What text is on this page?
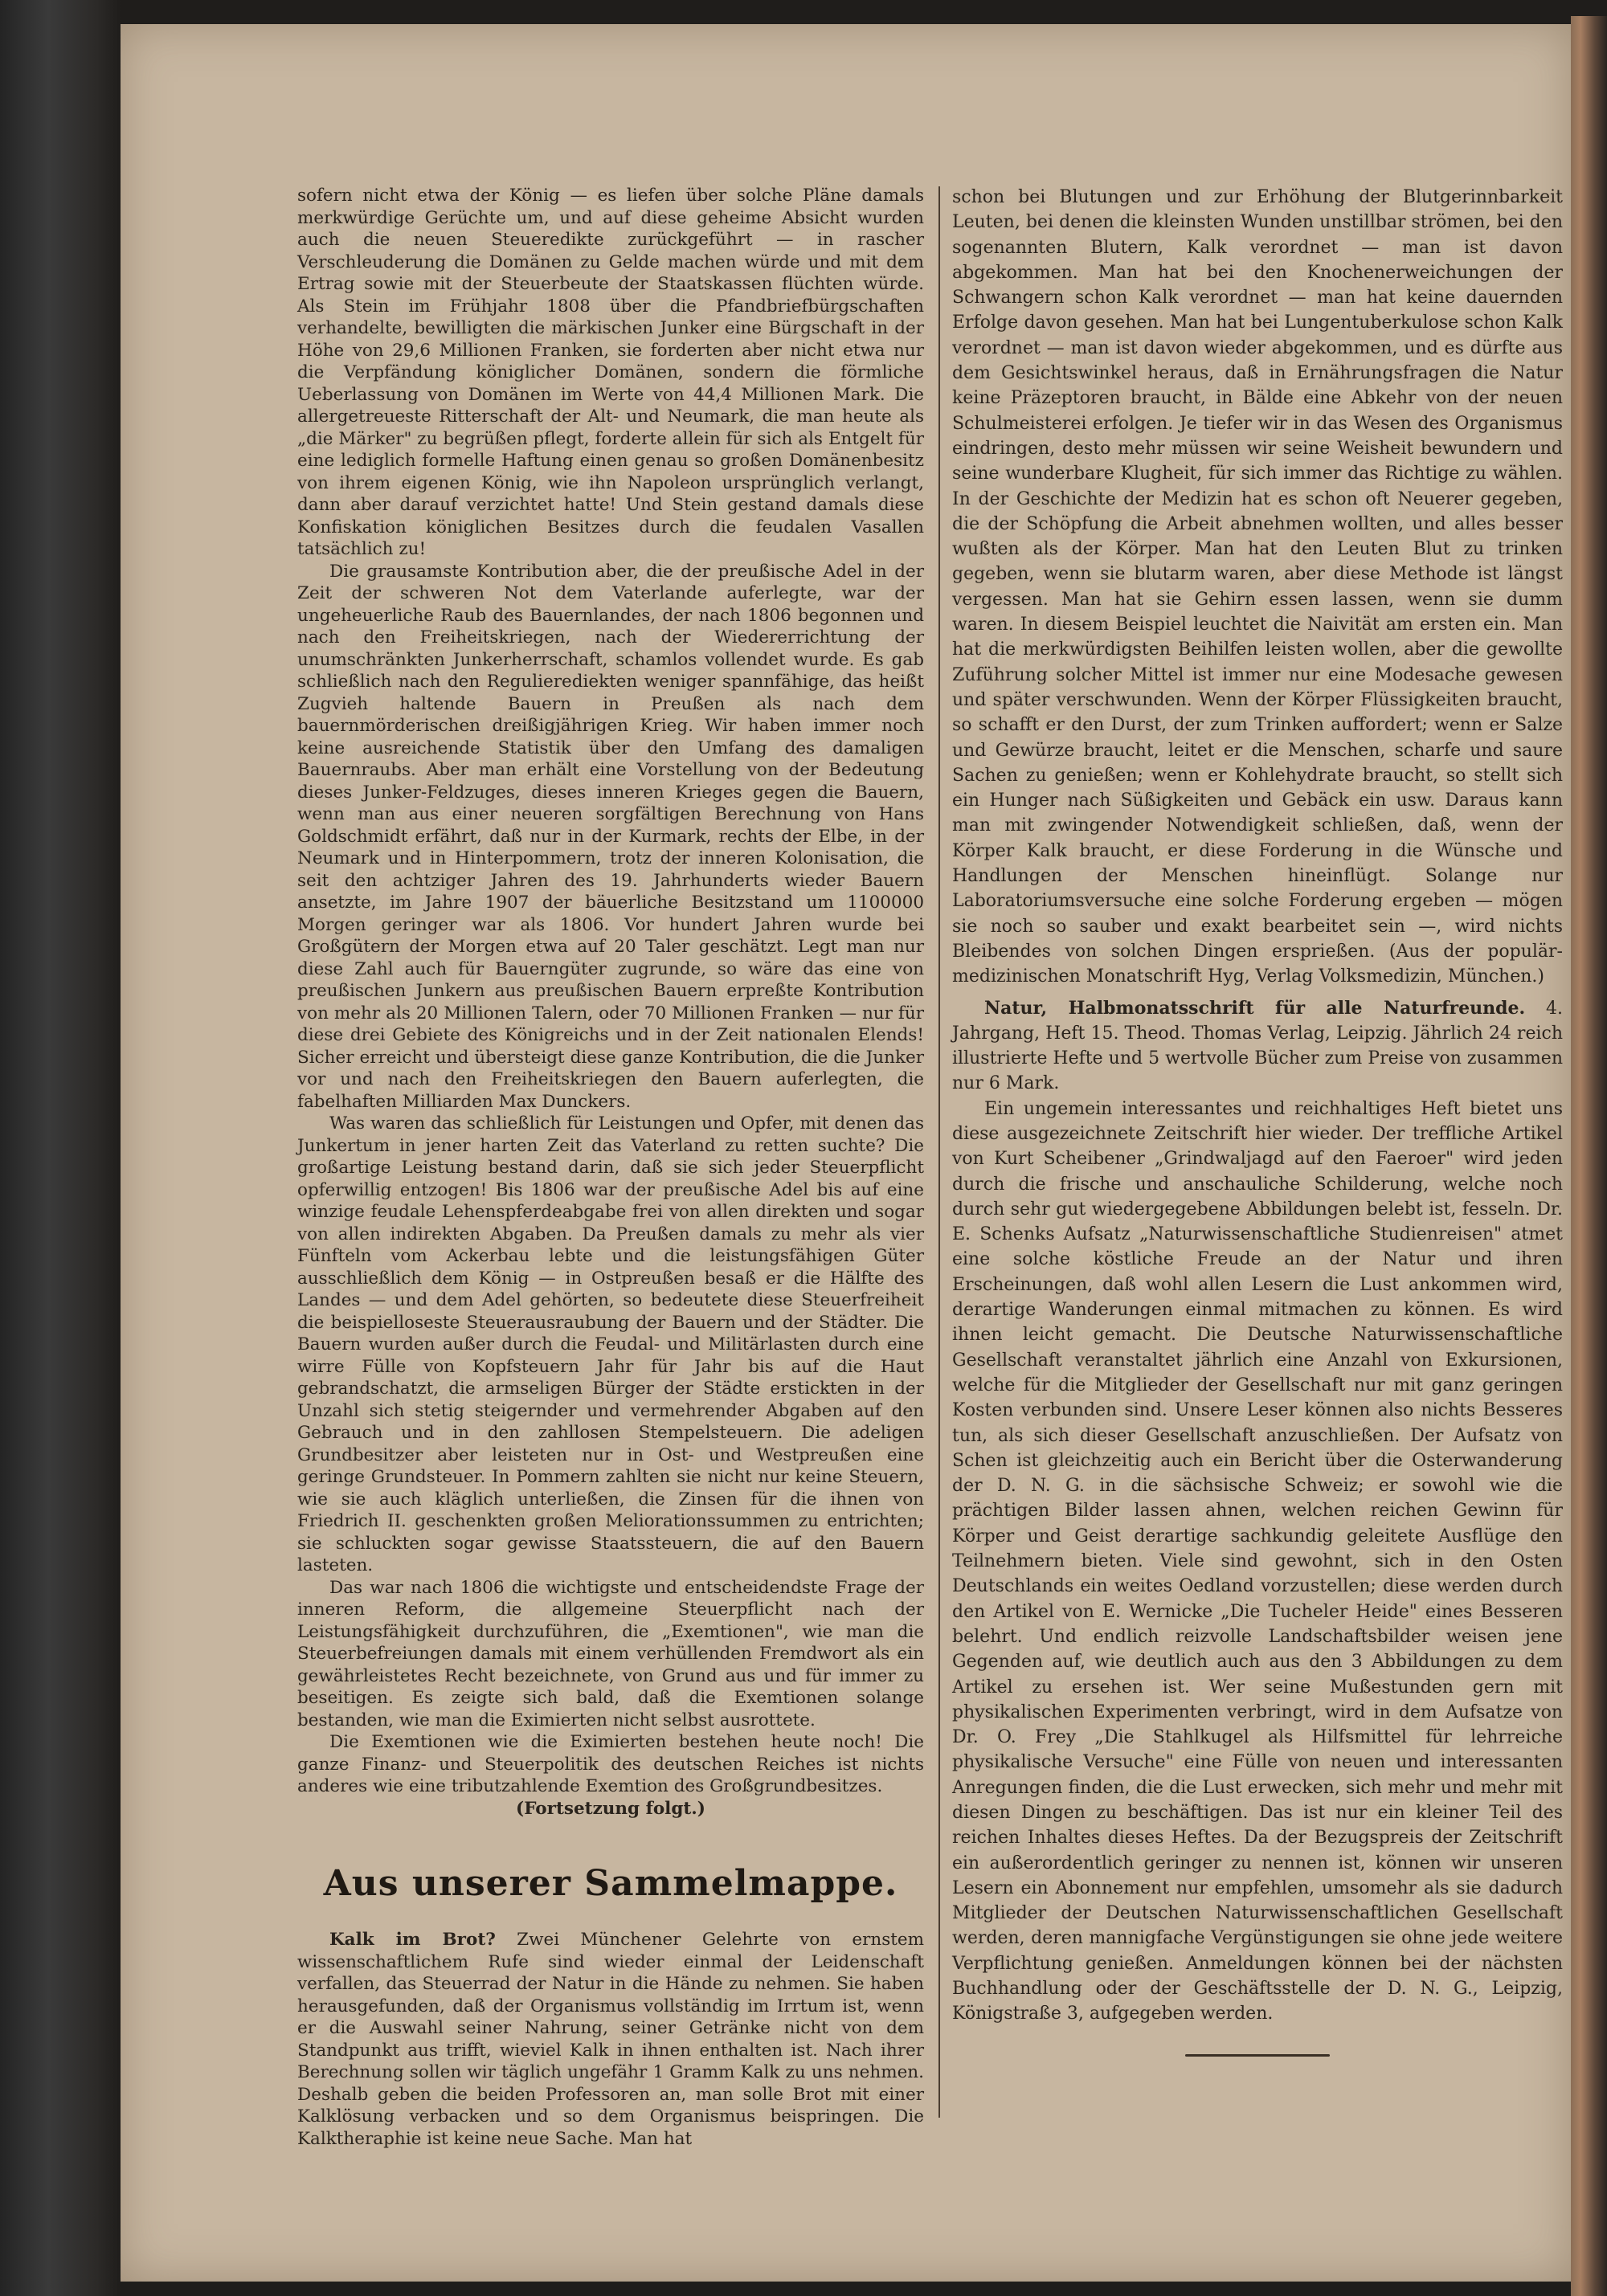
sofern nicht etwa der König — es liefen über solche Pläne damals merkwürdige Gerüchte um, und auf diese geheime Absicht wurden auch die neuen Steueredikte zurückgeführt — in rascher Verschleuderung die Domänen zu Gelde machen würde und mit dem Ertrag sowie mit der Steuerbeute der Staatskassen flüchten würde. Als Stein im Frühjahr 1808 über die Pfandbriefbürgschaften verhandelte, bewilligten die märkischen Junker eine Bürgschaft in der Höhe von 29,6 Millionen Franken, sie forderten aber nicht etwa nur die Verpfändung königlicher Domänen, sondern die förmliche Ueberlassung von Domänen im Werte von 44,4 Millionen Mark. Die allergetreueste Ritterschaft der Alt- und Neumark, die man heute als „die Märker" zu begrüßen pflegt, forderte allein für sich als Entgelt für eine lediglich formelle Haftung einen genau so großen Domänenbesitz von ihrem eigenen König, wie ihn Napoleon ursprünglich verlangt, dann aber darauf verzichtet hatte! Und Stein gestand damals diese Konfiskation königlichen Besitzes durch die feudalen Vasallen tatsächlich zu!

Die grausamste Kontribution aber, die der preußische Adel in der Zeit der schweren Not dem Vaterlande auferlegte, war der ungeheuerliche Raub des Bauernlandes, der nach 1806 begonnen und nach den Freiheitskriegen, nach der Wiedererrichtung der unumschränkten Junkerherrschaft, schamlos vollendet wurde. Es gab schließlich nach den Regulierediekten weniger spannfähige, das heißt Zugvieh haltende Bauern in Preußen als nach dem bauernmörderischen dreißigjährigen Krieg. Wir haben immer noch keine ausreichende Statistik über den Umfang des damaligen Bauernraubs. Aber man erhält eine Vorstellung von der Bedeutung dieses Junker-Feldzuges, dieses inneren Krieges gegen die Bauern, wenn man aus einer neueren sorgfältigen Berechnung von Hans Goldschmidt erfährt, daß nur in der Kurmark, rechts der Elbe, in der Neumark und in Hinterpommern, trotz der inneren Kolonisation, die seit den achtziger Jahren des 19. Jahrhunderts wieder Bauern ansetzte, im Jahre 1907 der bäuerliche Besitzstand um 1100000 Morgen geringer war als 1806. Vor hundert Jahren wurde bei Großgütern der Morgen etwa auf 20 Taler geschätzt. Legt man nur diese Zahl auch für Bauerngüter zugrunde, so wäre das eine von preußischen Junkern aus preußischen Bauern erpreßte Kontribution von mehr als 20 Millionen Talern, oder 70 Millionen Franken — nur für diese drei Gebiete des Königreichs und in der Zeit nationalen Elends! Sicher erreicht und übersteigt diese ganze Kontribution, die die Junker vor und nach den Freiheitskriegen den Bauern auferlegten, die fabelhaften Milliarden Max Dunckers.

Was waren das schließlich für Leistungen und Opfer, mit denen das Junkertum in jener harten Zeit das Vaterland zu retten suchte? Die großartige Leistung bestand darin, daß sie sich jeder Steuerpflicht opferwillig entzogen! Bis 1806 war der preußische Adel bis auf eine winzige feudale Lehenspferdeabgabe frei von allen direkten und sogar von allen indirekten Abgaben. Da Preußen damals zu mehr als vier Fünfteln vom Ackerbau lebte und die leistungsfähigen Güter ausschließlich dem König — in Ostpreußen besaß er die Hälfte des Landes — und dem Adel gehörten, so bedeutete diese Steuerfreiheit die beispielloseste Steuerausraubung der Bauern und der Städter. Die Bauern wurden außer durch die Feudal- und Militärlasten durch eine wirre Fülle von Kopfsteuern Jahr für Jahr bis auf die Haut gebrandschatzt, die armseligen Bürger der Städte erstickten in der Unzahl sich stetig steigernder und vermehrender Abgaben auf den Gebrauch und in den zahllosen Stempelsteuern. Die adeligen Grundbesitzer aber leisteten nur in Ost- und Westpreußen eine geringe Grundsteuer. In Pommern zahlten sie nicht nur keine Steuern, wie sie auch kläglich unterließen, die Zinsen für die ihnen von Friedrich II. geschenkten großen Meliorationssummen zu entrichten; sie schluckten sogar gewisse Staatssteuern, die auf den Bauern lasteten.

Das war nach 1806 die wichtigste und entscheidendste Frage der inneren Reform, die allgemeine Steuerpflicht nach der Leistungsfähigkeit durchzuführen, die „Exemtionen", wie man die Steuerbefreiungen damals mit einem verhüllenden Fremdwort als ein gewährleistetes Recht bezeichnete, von Grund aus und für immer zu beseitigen. Es zeigte sich bald, daß die Exemtionen solange bestanden, wie man die Eximierten nicht selbst ausrottete.

Die Exemtionen wie die Eximierten bestehen heute noch! Die ganze Finanz- und Steuerpolitik des deutschen Reiches ist nichts anderes wie eine tributzahlende Exemtion des Großgrundbesitzes.

(Fortsetzung folgt.)

Aus unserer Sammelmappe.

Kalk im Brot? Zwei Münchener Gelehrte von ernstem wissenschaftlichem Rufe sind wieder einmal der Leidenschaft verfallen, das Steuerrad der Natur in die Hände zu nehmen. Sie haben herausgefunden, daß der Organismus vollständig im Irrtum ist, wenn er die Auswahl seiner Nahrung, seiner Getränke nicht von dem Standpunkt aus trifft, wieviel Kalk in ihnen enthalten ist. Nach ihrer Berechnung sollen wir täglich ungefähr 1 Gramm Kalk zu uns nehmen. Deshalb geben die beiden Professoren an, man solle Brot mit einer Kalklösung verbacken und so dem Organismus beispringen. Die Kalktheraphie ist keine neue Sache. Man hat

schon bei Blutungen und zur Erhöhung der Blutgerinnbarkeit Leuten, bei denen die kleinsten Wunden unstillbar strömen, bei den sogenannten Blutern, Kalk verordnet — man ist davon abgekommen. Man hat bei den Knochenerweichungen der Schwangern schon Kalk verordnet — man hat keine dauernden Erfolge davon gesehen. Man hat bei Lungentuberkulose schon Kalk verordnet — man ist davon wieder abgekommen, und es dürfte aus dem Gesichtswinkel heraus, daß in Ernährungsfragen die Natur keine Präzeptoren braucht, in Bälde eine Abkehr von der neuen Schulmeisterei erfolgen. Je tiefer wir in das Wesen des Organismus eindringen, desto mehr müssen wir seine Weisheit bewundern und seine wunderbare Klugheit, für sich immer das Richtige zu wählen. In der Geschichte der Medizin hat es schon oft Neuerer gegeben, die der Schöpfung die Arbeit abnehmen wollten, und alles besser wußten als der Körper. Man hat den Leuten Blut zu trinken gegeben, wenn sie blutarm waren, aber diese Methode ist längst vergessen. Man hat sie Gehirn essen lassen, wenn sie dumm waren. In diesem Beispiel leuchtet die Naivität am ersten ein. Man hat die merkwürdigsten Beihilfen leisten wollen, aber die gewollte Zuführung solcher Mittel ist immer nur eine Modesache gewesen und später verschwunden. Wenn der Körper Flüssigkeiten braucht, so schafft er den Durst, der zum Trinken auffordert; wenn er Salze und Gewürze braucht, leitet er die Menschen, scharfe und saure Sachen zu genießen; wenn er Kohlehydrate braucht, so stellt sich ein Hunger nach Süßigkeiten und Gebäck ein usw. Daraus kann man mit zwingender Notwendigkeit schließen, daß, wenn der Körper Kalk braucht, er diese Forderung in die Wünsche und Handlungen der Menschen hineinflügt. Solange nur Laboratoriumsversuche eine solche Forderung ergeben — mögen sie noch so sauber und exakt bearbeitet sein —, wird nichts Bleibendes von solchen Dingen ersprießen. (Aus der populär-medizinischen Monatschrift Hyg, Verlag Volksmedizin, München.)

Natur, Halbmonatsschrift für alle Naturfreunde. 4. Jahrgang, Heft 15. Theod. Thomas Verlag, Leipzig. Jährlich 24 reich illustrierte Hefte und 5 wertvolle Bücher zum Preise von zusammen nur 6 Mark.

Ein ungemein interessantes und reichhaltiges Heft bietet uns diese ausgezeichnete Zeitschrift hier wieder. Der treffliche Artikel von Kurt Scheibener „Grindwaljagd auf den Faeroer" wird jeden durch die frische und anschauliche Schilderung, welche noch durch sehr gut wiedergegebene Abbildungen belebt ist, fesseln. Dr. E. Schenks Aufsatz „Naturwissenschaftliche Studienreisen" atmet eine solche köstliche Freude an der Natur und ihren Erscheinungen, daß wohl allen Lesern die Lust ankommen wird, derartige Wanderungen einmal mitmachen zu können. Es wird ihnen leicht gemacht. Die Deutsche Naturwissenschaftliche Gesellschaft veranstaltet jährlich eine Anzahl von Exkursionen, welche für die Mitglieder der Gesellschaft nur mit ganz geringen Kosten verbunden sind. Unsere Leser können also nichts Besseres tun, als sich dieser Gesellschaft anzuschließen. Der Aufsatz von Schen ist gleichzeitig auch ein Bericht über die Osterwanderung der D. N. G. in die sächsische Schweiz; er sowohl wie die prächtigen Bilder lassen ahnen, welchen reichen Gewinn für Körper und Geist derartige sachkundig geleitete Ausflüge den Teilnehmern bieten. Viele sind gewohnt, sich in den Osten Deutschlands ein weites Oedland vorzustellen; diese werden durch den Artikel von E. Wernicke „Die Tucheler Heide" eines Besseren belehrt. Und endlich reizvolle Landschaftsbilder weisen jene Gegenden auf, wie deutlich auch aus den 3 Abbildungen zu dem Artikel zu ersehen ist. Wer seine Mußestunden gern mit physikalischen Experimenten verbringt, wird in dem Aufsatze von Dr. O. Frey „Die Stahlkugel als Hilfsmittel für lehrreiche physikalische Versuche" eine Fülle von neuen und interessanten Anregungen finden, die die Lust erwecken, sich mehr und mehr mit diesen Dingen zu beschäftigen. Das ist nur ein kleiner Teil des reichen Inhaltes dieses Heftes. Da der Bezugspreis der Zeitschrift ein außerordentlich geringer zu nennen ist, können wir unseren Lesern ein Abonnement nur empfehlen, umsomehr als sie dadurch Mitglieder der Deutschen Naturwissenschaftlichen Gesellschaft werden, deren mannigfache Vergünstigungen sie ohne jede weitere Verpflichtung genießen. Anmeldungen können bei der nächsten Buchhandlung oder der Geschäftsstelle der D. N. G., Leipzig, Königstraße 3, aufgegeben werden.
